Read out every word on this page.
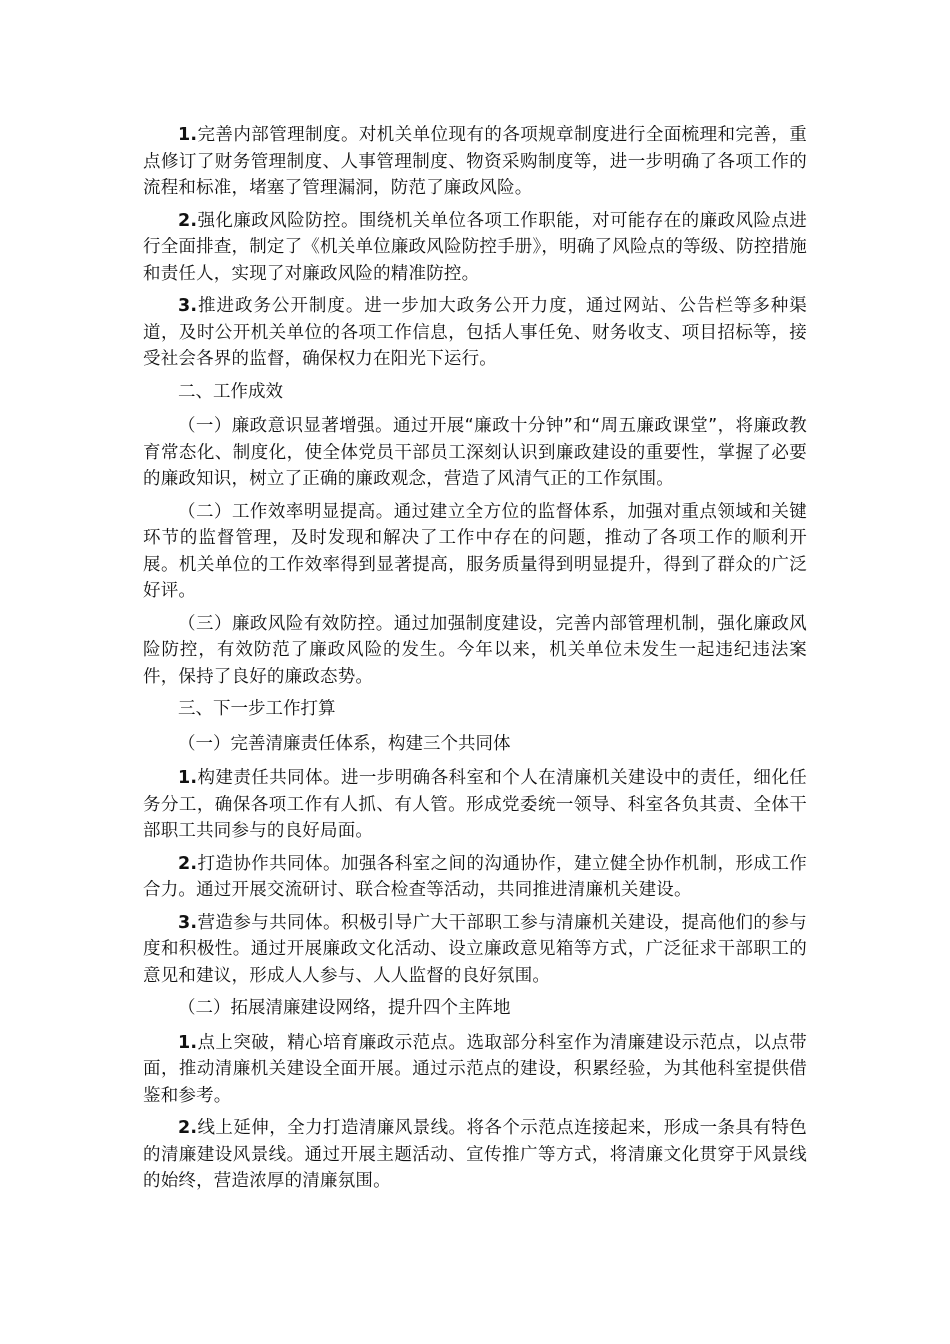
1.完善内部管理制度。对机关单位现有的各项规章制度进行全面梳理和完善，重点修订了财务管理制度、人事管理制度、物资采购制度等，进一步明确了各项工作的流程和标准，堵塞了管理漏洞，防范了廉政风险。

2.强化廉政风险防控。围绕机关单位各项工作职能，对可能存在的廉政风险点进行全面排查，制定了《机关单位廉政风险防控手册》，明确了风险点的等级、防控措施和责任人，实现了对廉政风险的精准防控。

3.推进政务公开制度。进一步加大政务公开力度，通过网站、公告栏等多种渠道，及时公开机关单位的各项工作信息，包括人事任免、财务收支、项目招标等，接受社会各界的监督，确保权力在阳光下运行。

二、工作成效

（一）廉政意识显著增强。通过开展“廉政十分钟”和“周五廉政课堂”，将廉政教育常态化、制度化，使全体党员干部员工深刻认识到廉政建设的重要性，掌握了必要的廉政知识，树立了正确的廉政观念，营造了风清气正的工作氛围。

（二）工作效率明显提高。通过建立全方位的监督体系，加强对重点领域和关键环节的监督管理，及时发现和解决了工作中存在的问题，推动了各项工作的顺利开展。机关单位的工作效率得到显著提高，服务质量得到明显提升，得到了群众的广泛好评。

（三）廉政风险有效防控。通过加强制度建设，完善内部管理机制，强化廉政风险防控，有效防范了廉政风险的发生。今年以来，机关单位未发生一起违纪违法案件，保持了良好的廉政态势。

三、下一步工作打算

（一）完善清廉责任体系，构建三个共同体

1.构建责任共同体。进一步明确各科室和个人在清廉机关建设中的责任，细化任务分工，确保各项工作有人抓、有人管。形成党委统一领导、科室各负其责、全体干部职工共同参与的良好局面。

2.打造协作共同体。加强各科室之间的沟通协作，建立健全协作机制，形成工作合力。通过开展交流研讨、联合检查等活动，共同推进清廉机关建设。

3.营造参与共同体。积极引导广大干部职工参与清廉机关建设，提高他们的参与度和积极性。通过开展廉政文化活动、设立廉政意见箱等方式，广泛征求干部职工的意见和建议，形成人人参与、人人监督的良好氛围。

（二）拓展清廉建设网络，提升四个主阵地

1.点上突破，精心培育廉政示范点。选取部分科室作为清廉建设示范点，以点带面，推动清廉机关建设全面开展。通过示范点的建设，积累经验，为其他科室提供借鉴和参考。

2.线上延伸，全力打造清廉风景线。将各个示范点连接起来，形成一条具有特色的清廉建设风景线。通过开展主题活动、宣传推广等方式，将清廉文化贯穿于风景线的始终，营造浓厚的清廉氛围。
